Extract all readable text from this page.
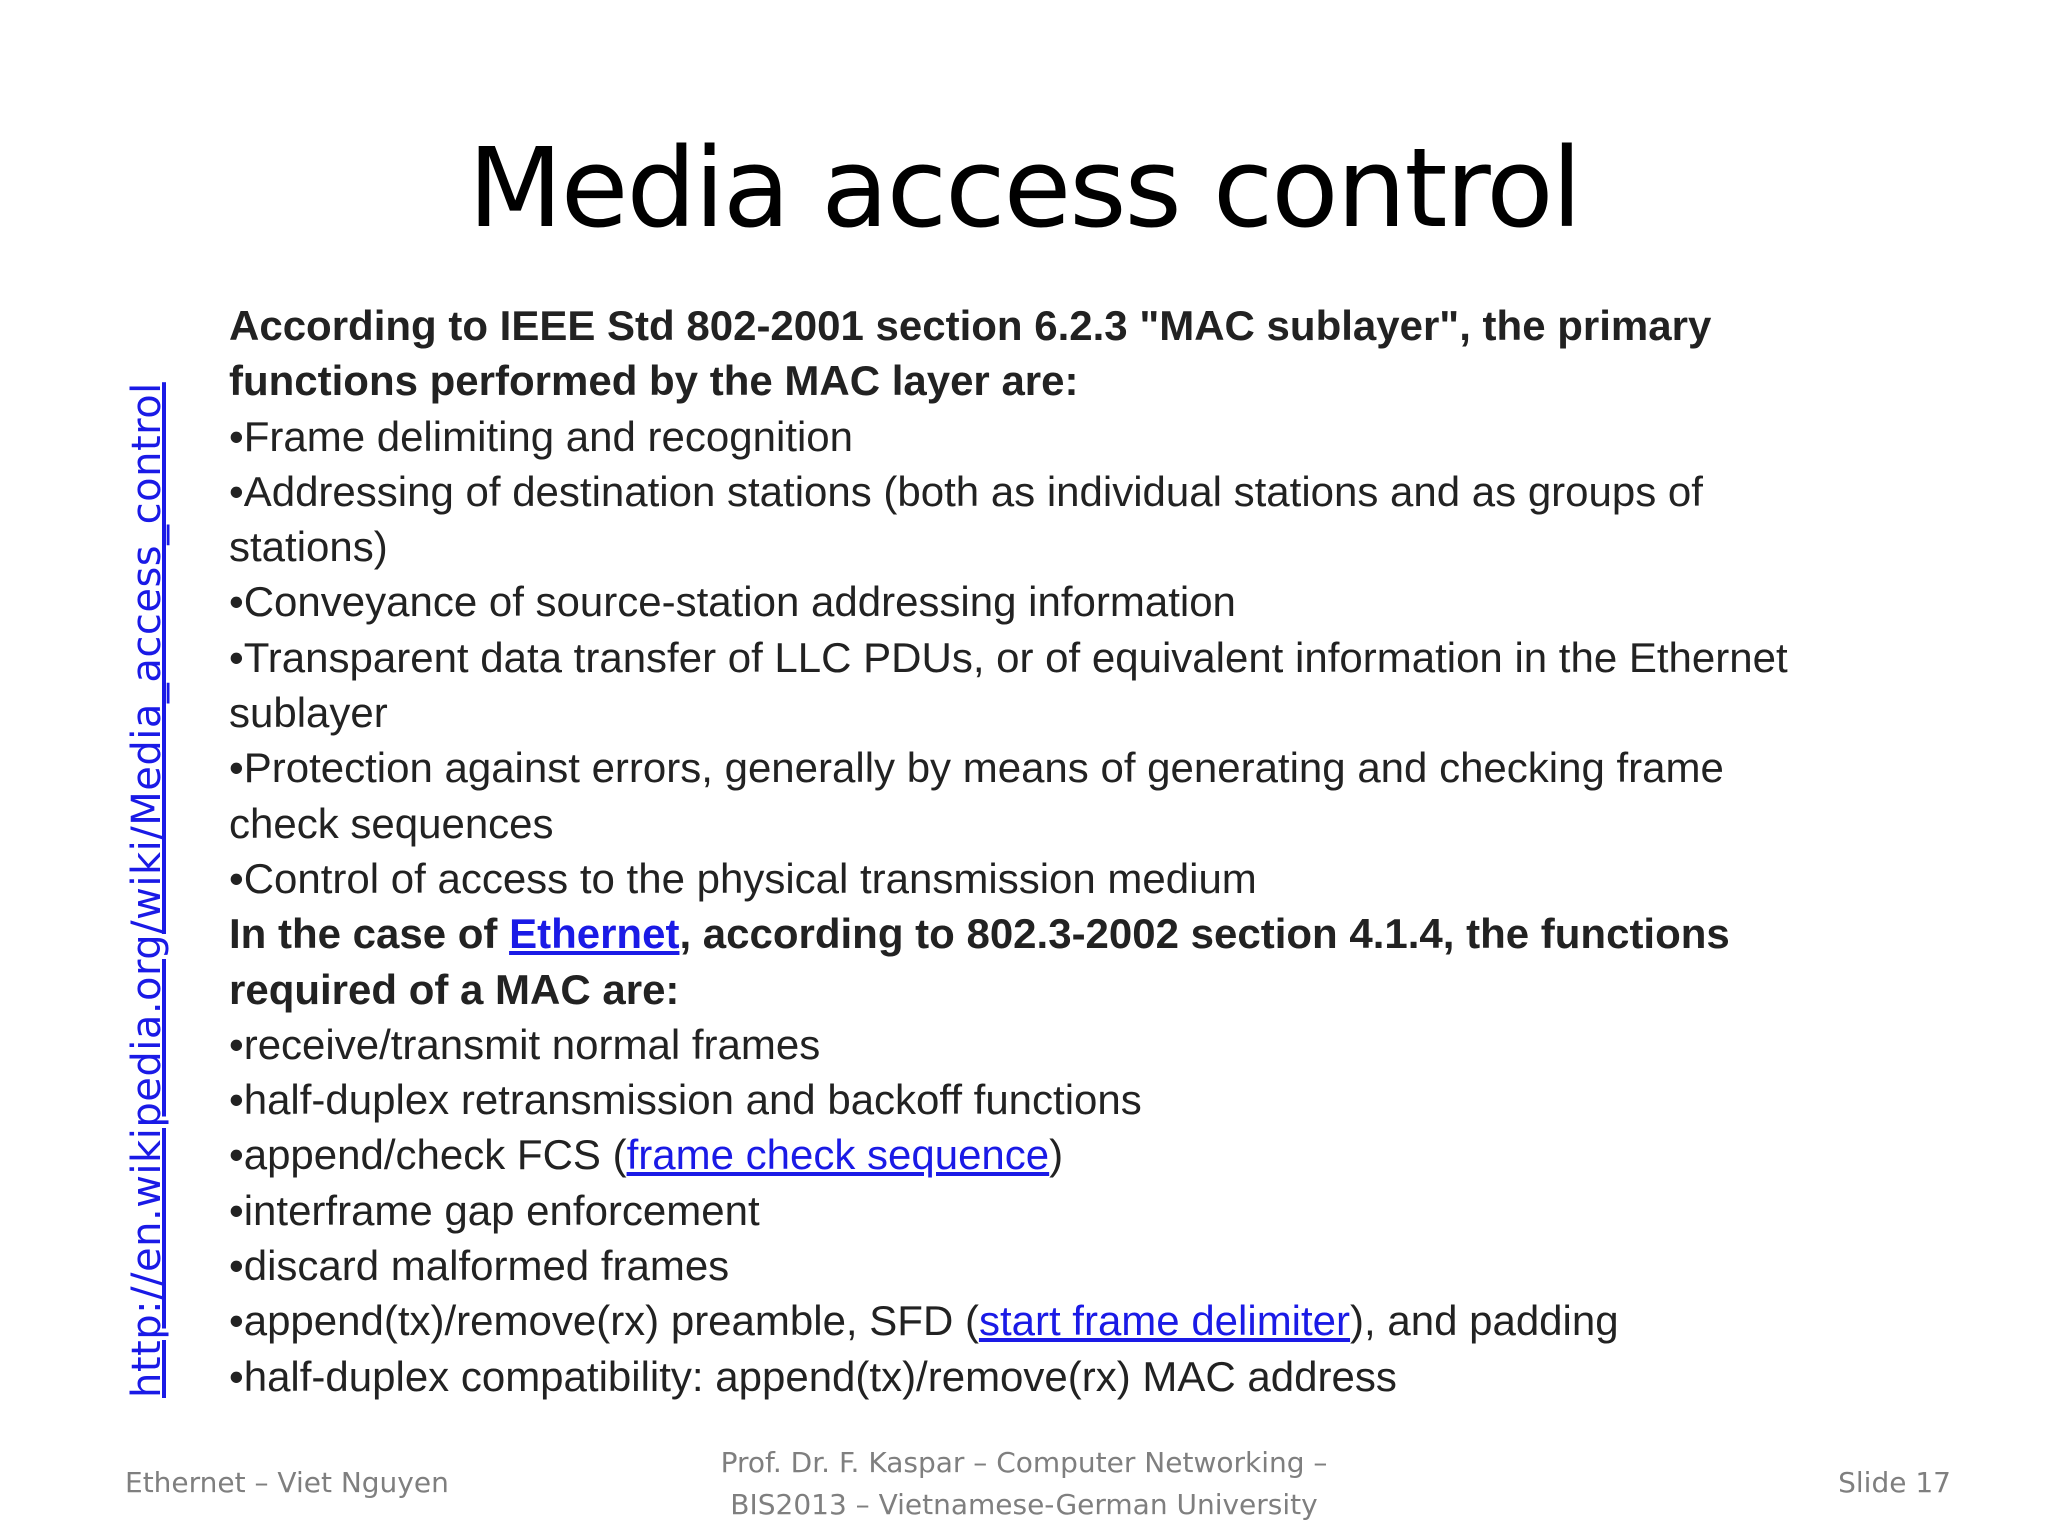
Media access control
http://en.wikipedia.org/wiki/Media_access_control
According to IEEE Std 802-2001 section 6.2.3 "MAC sublayer", the primary
functions performed by the MAC layer are:
•Frame delimiting and recognition
•Addressing of destination stations (both as individual stations and as groups of
stations)
•Conveyance of source-station addressing information
•Transparent data transfer of LLC PDUs, or of equivalent information in the Ethernet
sublayer
•Protection against errors, generally by means of generating and checking frame
check sequences
•Control of access to the physical transmission medium
In the case of Ethernet, according to 802.3-2002 section 4.1.4, the functions
required of a MAC are:
•receive/transmit normal frames
•half-duplex retransmission and backoff functions
•append/check FCS (frame check sequence)
•interframe gap enforcement
•discard malformed frames
•append(tx)/remove(rx) preamble, SFD (start frame delimiter), and padding
•half-duplex compatibility: append(tx)/remove(rx) MAC address
Ethernet – Viet Nguyen
Prof. Dr. F. Kaspar – Computer Networking –
BIS2013 – Vietnamese-German University
Slide 17
